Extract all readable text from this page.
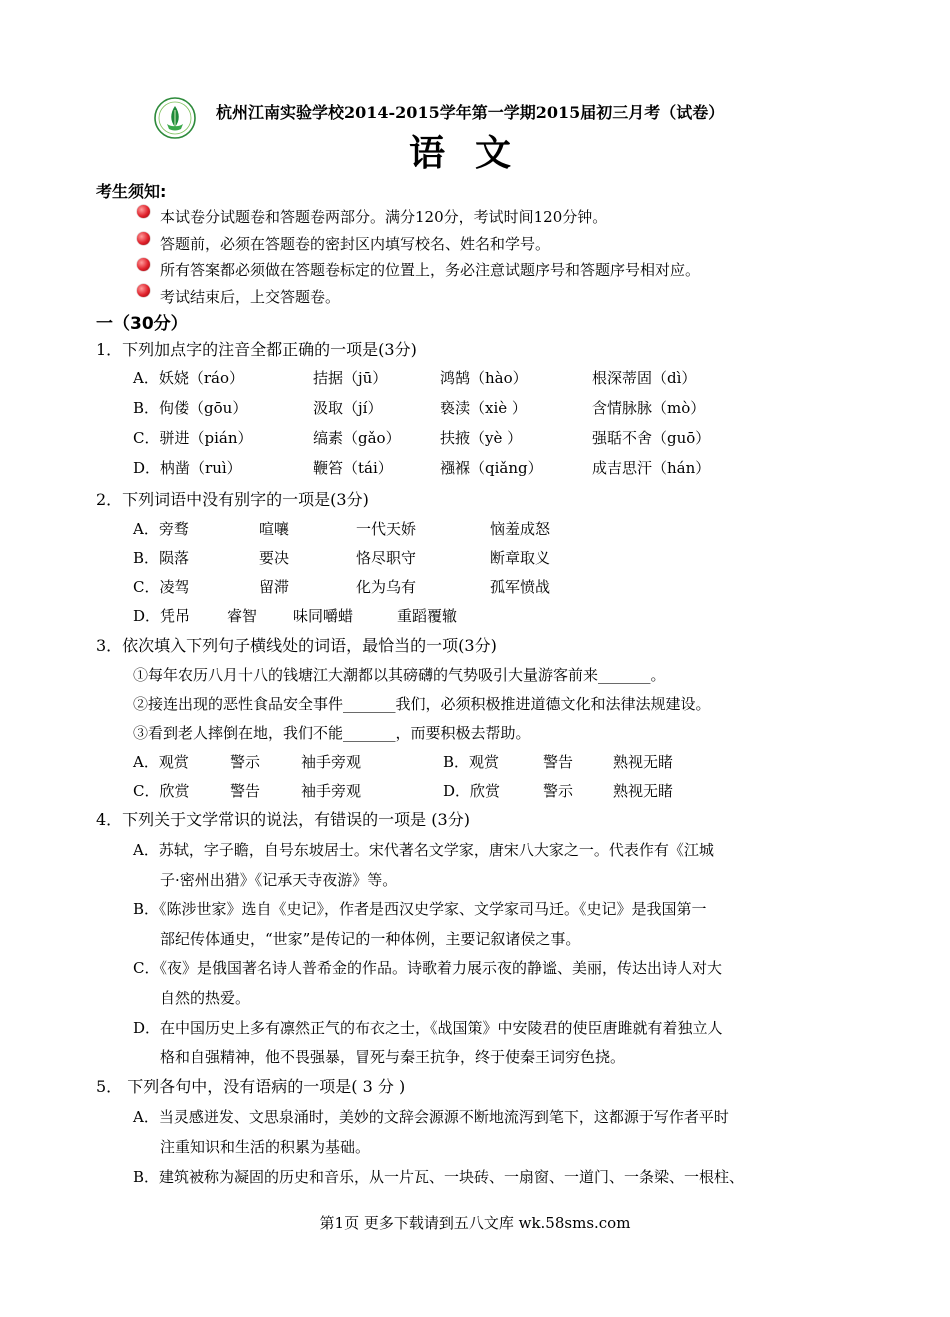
杭州江南实验学校2014-2015学年第一学期2015届初三月考（试卷）
语文
考生须知:
本试卷分试题卷和答题卷两部分。满分120分，考试时间120分钟。
答题前，必须在答题卷的密封区内填写校名、姓名和学号。
所有答案都必须做在答题卷标定的位置上，务必注意试题序号和答题序号相对应。
考试结束后，上交答题卷。
一（30分）
1．下列加点字的注音全都正确的一项是(3分)
A．妖娆（ráo）	拮据（jū）	鸿鹄（hào）	根深蒂固（dì）
B．佝偻（gōu）	汲取（jí）	亵渎（xiè ）	含情脉脉（mò）
C．骈进（pián）	缟素（gǎo）	扶掖（yè ）	强聒不舍（guō）
D．枘凿（ruì）	鞭笞（tái）	襁褓（qiǎng）	成吉思汗（hán）
2．下列词语中没有别字的一项是(3分)
A．旁骛	喧嚷	一代天娇	恼羞成怒
B．陨落	要决	恪尽职守	断章取义
C．凌驾	留滞	化为乌有	孤军愤战
D．凭吊 睿智 味同嚼蜡	重蹈覆辙
3．依次填入下列句子横线处的词语，最恰当的一项(3分)
①每年农历八月十八的钱塘江大潮都以其磅礴的气势吸引大量游客前来_______。
②接连出现的恶性食品安全事件_______我们，必须积极推进道德文化和法律法规建设。
③看到老人摔倒在地，我们不能_______，而要积极去帮助。
A．观赏	警示	袖手旁观	B．观赏	警告	熟视无睹
C．欣赏	警告	袖手旁观	D．欣赏	警示	熟视无睹
4．下列关于文学常识的说法，有错误的一项是 (3分)
A．苏轼，字子瞻，自号东坡居士。宋代著名文学家，唐宋八大家之一。代表作有《江城
子·密州出猎》《记承天寺夜游》等。
B．《陈涉世家》选自《史记》，作者是西汉史学家、文学家司马迁。《史记》是我国第一
部纪传体通史，“世家”是传记的一种体例，主要记叙诸侯之事。
C．《夜》是俄国著名诗人普希金的作品。诗歌着力展示夜的静谧、美丽，传达出诗人对大
自然的热爱。
D．在中国历史上多有凛然正气的布衣之士，《战国策》中安陵君的使臣唐雎就有着独立人
格和自强精神，他不畏强暴，冒死与秦王抗争，终于使秦王词穷色挠。
5． 下列各句中，没有语病的一项是( 3 分 )
A．当灵感迸发、文思泉涌时，美妙的文辞会源源不断地流泻到笔下，这都源于写作者平时
注重知识和生活的积累为基础。
B．建筑被称为凝固的历史和音乐，从一片瓦、一块砖、一扇窗、一道门、一条梁、一根柱、
第1页 更多下载请到五八文库 wk.58sms.com
